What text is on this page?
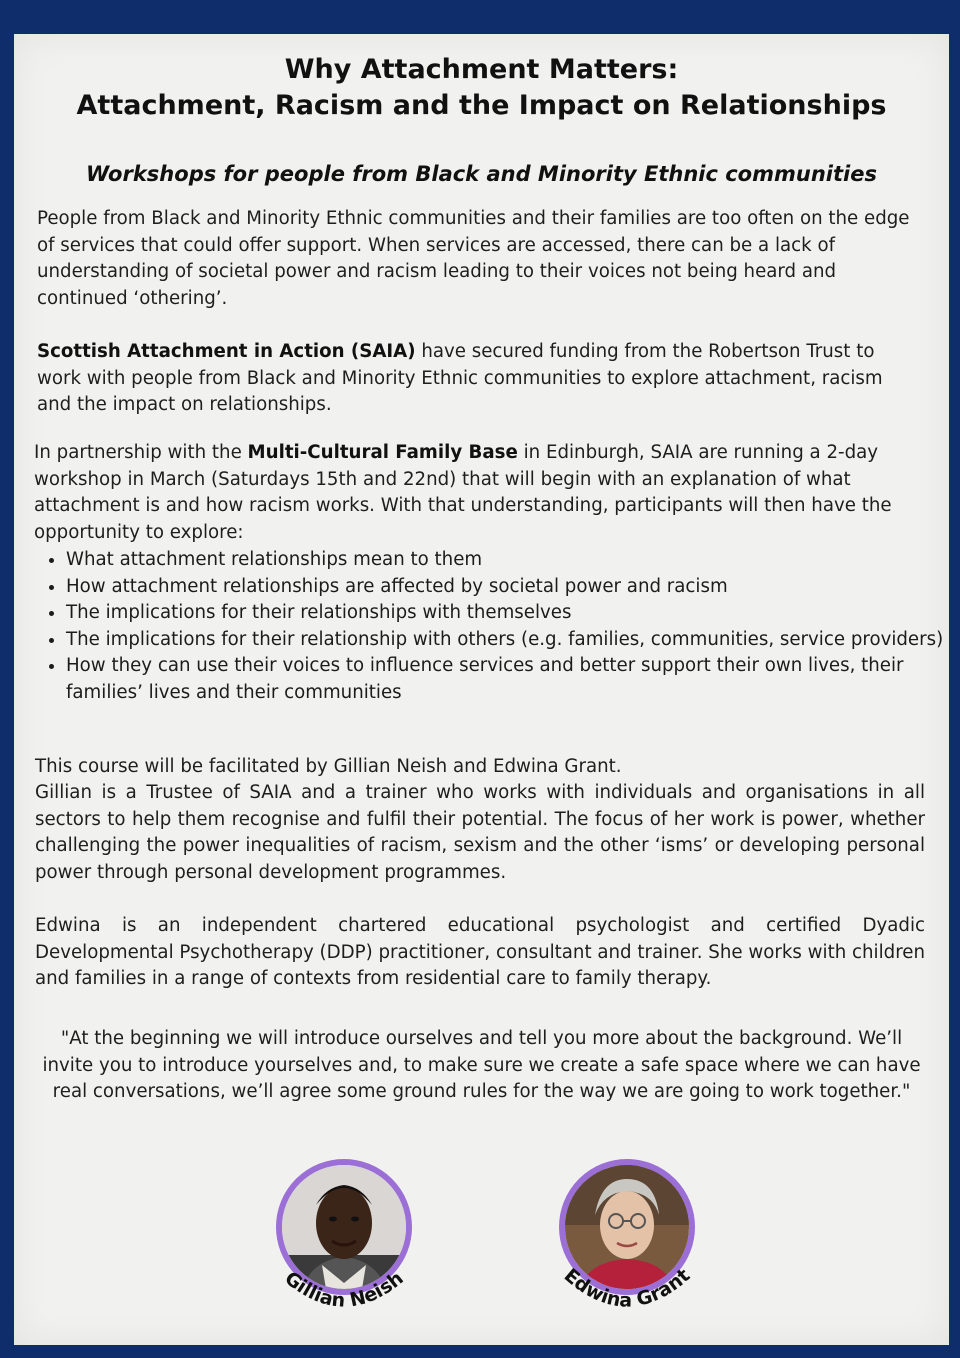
Why Attachment Matters:
Attachment, Racism and the Impact on Relationships
Workshops for people from Black and Minority Ethnic communities
People from Black and Minority Ethnic communities and their families are too often on the edge of services that could offer support. When services are accessed, there can be a lack of understanding of societal power and racism leading to their voices not being heard and continued ‘othering’.
Scottish Attachment in Action (SAIA) have secured funding from the Robertson Trust to work with people from Black and Minority Ethnic communities to explore attachment, racism and the impact on relationships.
In partnership with the Multi-Cultural Family Base in Edinburgh, SAIA are running a 2-day workshop in March (Saturdays 15th and 22nd) that will begin with an explanation of what attachment is and how racism works. With that understanding, participants will then have the opportunity to explore:
• What attachment relationships mean to them
• How attachment relationships are affected by societal power and racism
• The implications for their relationships with themselves
• The implications for their relationship with others (e.g. families, communities, service providers)
• How they can use their voices to influence services and better support their own lives, their families’ lives and their communities
This course will be facilitated by Gillian Neish and Edwina Grant.
Gillian is a Trustee of SAIA and a trainer who works with individuals and organisations in all sectors to help them recognise and fulfil their potential. The focus of her work is power, whether challenging the power inequalities of racism, sexism and the other ‘isms’ or developing personal power through personal development programmes.
Edwina is an independent chartered educational psychologist and certified Dyadic Developmental Psychotherapy (DDP) practitioner, consultant and trainer. She works with children and families in a range of contexts from residential care to family therapy.
"At the beginning we will introduce ourselves and tell you more about the background. We’ll invite you to introduce yourselves and, to make sure we create a safe space where we can have real conversations, we’ll agree some ground rules for the way we are going to work together."
Gillian Neish	Edwina Grant
